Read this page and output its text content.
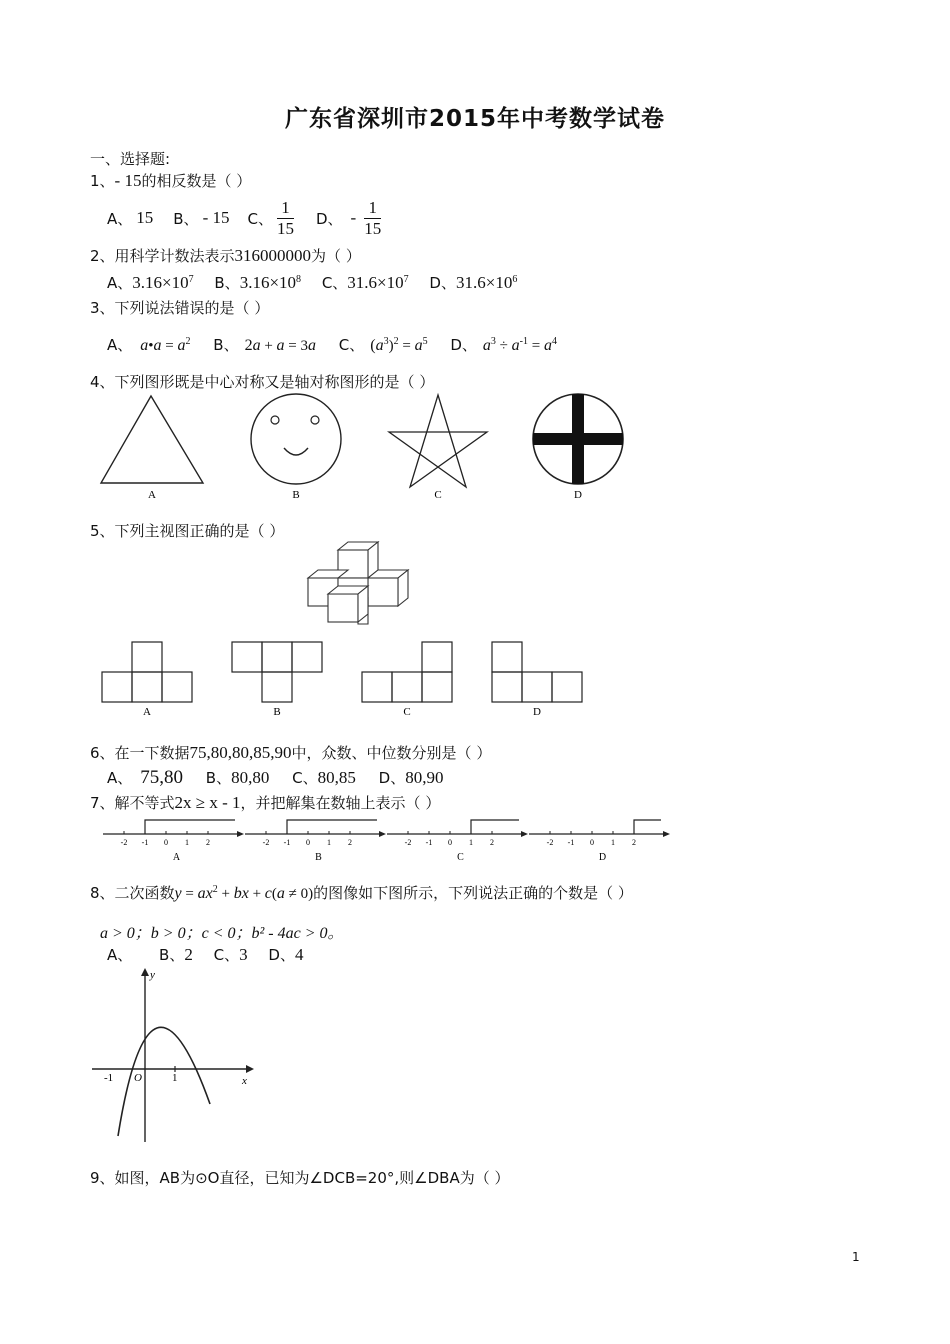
广东省深圳市2015年中考数学试卷
一、选择题:
1、- 15的相反数是（ ）
A、 15 B、 - 15 C、 $\frac{1}{15}$ D、 - $\frac{1}{15}$
2、用科学计数法表示316000000为（ ）
A、$3.16\times 10^7$ B、$3.16\times 10^8$ C、$31.6\times 10^7$ D、$31.6\times 10^6$
3、下列说法错误的是（ ）
A、 a•a = $a^2$ B、 2a + a = 3a C、 $(a^3)^2 = a^5$ D、 $a^3 \div a^{-1} = a^4$
4、下列图形既是中心对称又是轴对称图形的是（ ）
A	B	C	D
5、下列主视图正确的是（ ）
A	B	C	D
6、在一下数据75,80,80,85,90中，众数、中位数分别是（ ）
A、 75,80 B、80,80 C、80,85 D、80,90
7、解不等式2x ≥ x - 1，并把解集在数轴上表示（ ）
-2 -1 0 1 2
A
-2 -1 0 1 2
B
-2 -1 0 1 2
C
-2 -1 0 1 2
D
8、二次函数$y = ax^2$ + bx + c(a ≠ 0)的图像如下图所示，下列说法正确的个数是（ ）
a > 0；b > 0；c < 0；b² - 4ac > 0。
A、 B、2 C、3 D、4
y
x
O
-1	1
9、如图，AB为⊙O直径，已知为∠DCB=20°,则∠DBA为（ ）
1
